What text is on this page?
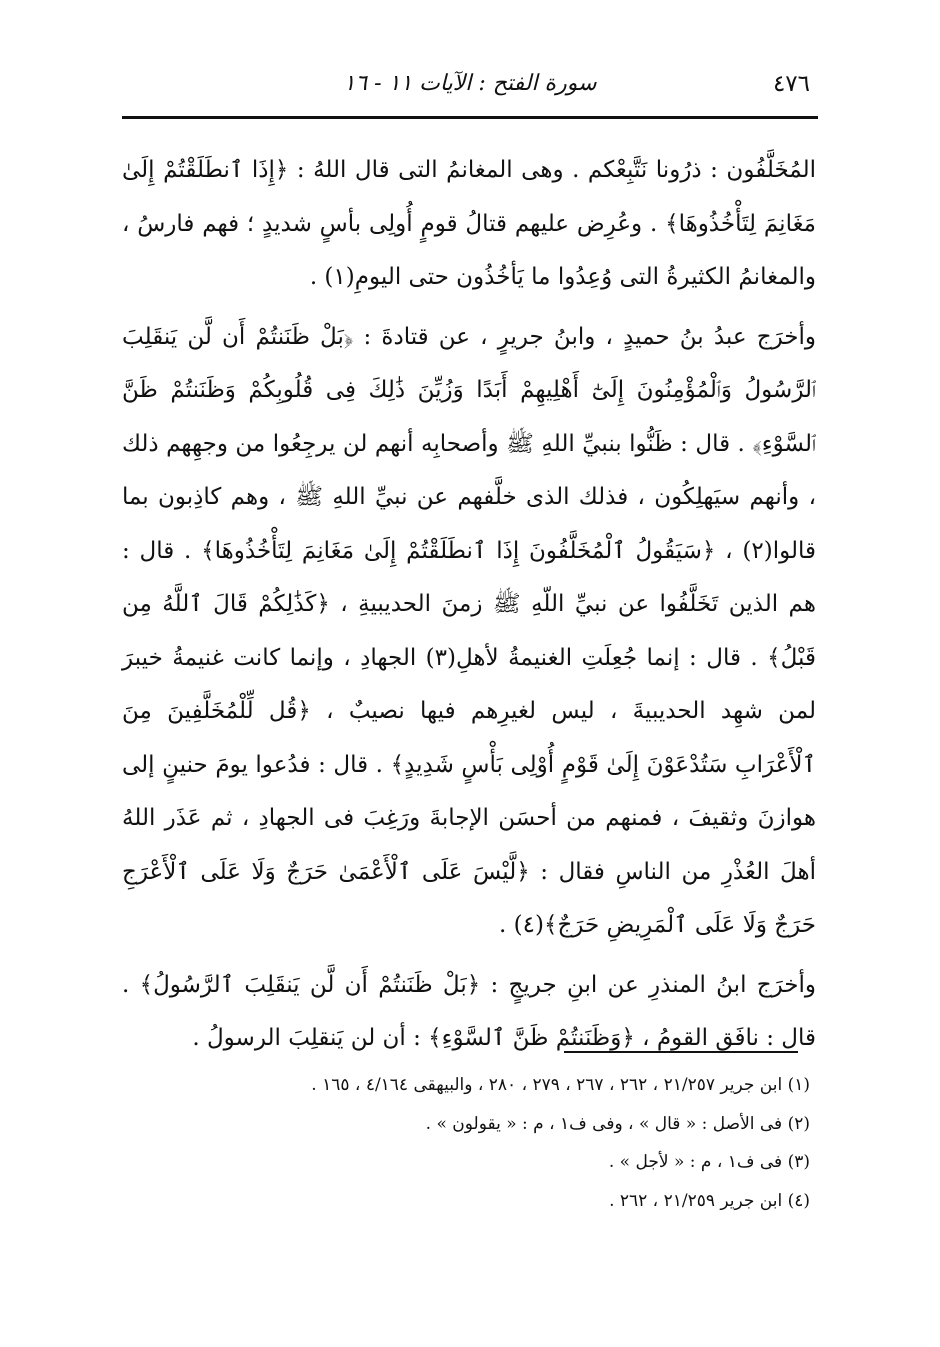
٤٧٦
سورة الفتح : الآيات ١١ - ١٦

المُخَلَّفُون : ذرُونا نَتَّبِعْكم . وهى المغانمُ التى قال اللهُ : ﴿إِذَا ٱنطَلَقْتُمْ إِلَىٰ مَغَانِمَ لِتَأْخُذُوهَا﴾ . وعُرِض عليهم قتالُ قومٍ أُولِى بأسٍ شديدٍ ؛ فهم فارسُ ، والمغانمُ الكثيرةُ التى وُعِدُوا ما يَأخُذُون حتى اليومِ(١) .

وأخرَج عبدُ بنُ حميدٍ ، وابنُ جريرٍ ، عن قتادةَ : ﴿بَلْ ظَنَنتُمْ أَن لَّن يَنقَلِبَ ٱلرَّسُولُ وَٱلْمُؤْمِنُونَ إِلَىٰٓ أَهْلِيهِمْ أَبَدًا وَزُيِّنَ ذَٰلِكَ فِى قُلُوبِكُمْ وَظَنَنتُمْ ظَنَّ ٱلسَّوْءِ﴾ . قال : ظَنُّوا بنبيِّ اللهِ ﷺ وأصحابِه أنهم لن يرجِعُوا من وجهِهم ذلك ، وأنهم سيَهلِكُون ، فذلك الذى خلَّفهم عن نبيِّ اللهِ ﷺ ، وهم كاذِبون بما قالوا(٢) ، ﴿سَيَقُولُ ٱلْمُخَلَّفُونَ إِذَا ٱنطَلَقْتُمْ إِلَىٰ مَغَانِمَ لِتَأْخُذُوهَا﴾ . قال : هم الذين تَخَلَّفُوا عن نبيِّ اللّهِ ﷺ زمنَ الحديبيةِ ، ﴿كَذَٰلِكُمْ قَالَ ٱللَّهُ مِن قَبْلُ﴾ . قال : إنما جُعِلَتِ الغنيمةُ لأهلِ(٣) الجهادِ ، وإنما كانت غنيمةُ خيبرَ لمن شهِد الحديبيةَ ، ليس لغيرِهم فيها نصيبٌ ، ﴿قُل لِّلْمُخَلَّفِينَ مِنَ ٱلْأَعْرَابِ سَتُدْعَوْنَ إِلَىٰ قَوْمٍ أُوْلِى بَأْسٍ شَدِيدٍ﴾ . قال : فدُعوا يومَ حنينٍ إلى هوازنَ وثقيفَ ، فمنهم من أحسَن الإجابةَ ورَغِبَ فى الجهادِ ، ثم عَذَر اللهُ أهلَ العُذْرِ من الناسِ فقال : ﴿لَّيْسَ عَلَى ٱلْأَعْمَىٰ حَرَجٌ وَلَا عَلَى ٱلْأَعْرَجِ حَرَجٌ وَلَا عَلَى ٱلْمَرِيضِ حَرَجٌ﴾(٤) .

وأخرَج ابنُ المنذرِ عن ابنِ جريجٍ : ﴿بَلْ ظَنَنتُمْ أَن لَّن يَنقَلِبَ ٱلرَّسُولُ﴾ . قال : نافَق القومُ ، ﴿وَظَنَنتُمْ ظَنَّ ٱلسَّوْءِ﴾ : أن لن يَنقلِبَ الرسولُ .

(١) ابن جرير ٢١/٢٥٧ ، ٢٦٢ ، ٢٦٧ ، ٢٧٩ ، ٢٨٠ ، والبيهقى ٤/١٦٤ ، ١٦٥ .

(٢) فى الأصل : « قال » ، وفى ف١ ، م : « يقولون » .

(٣) فى ف١ ، م : « لأجل » .

(٤) ابن جرير ٢١/٢٥٩ ، ٢٦٢ .
